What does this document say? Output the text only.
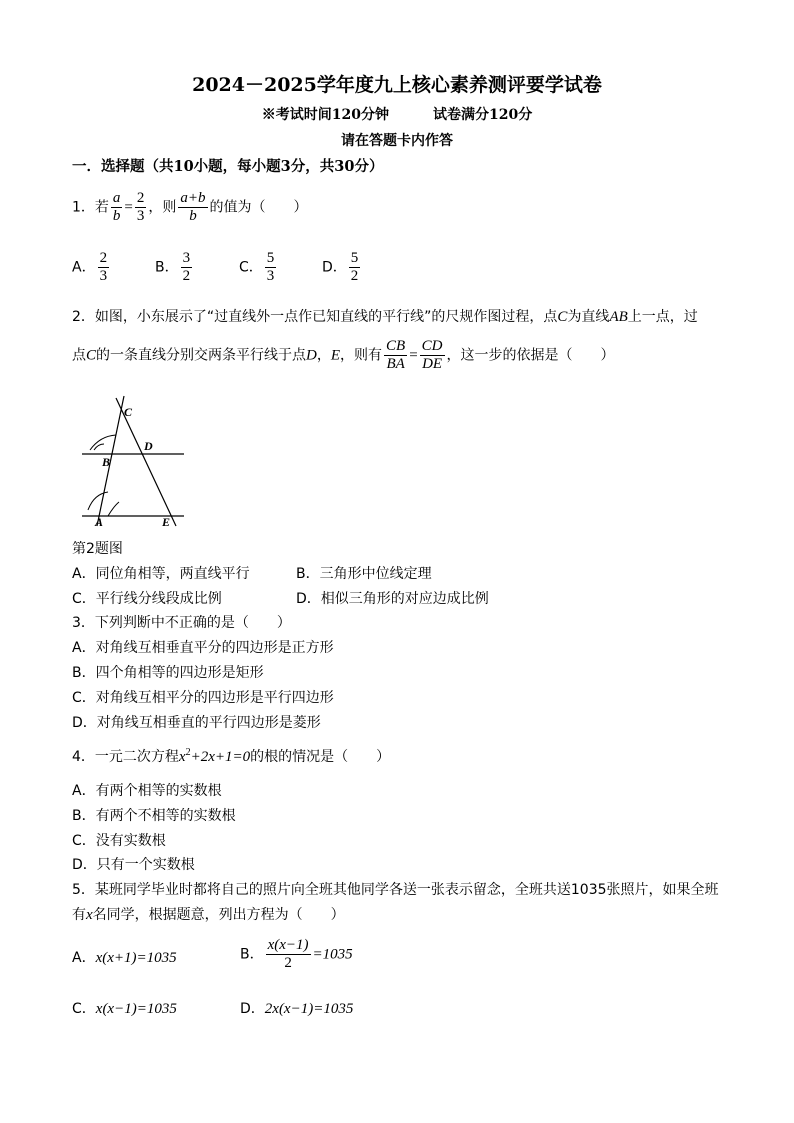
2024－2025学年度九上核心素养测评要学试卷
※考试时间120分钟	试卷满分120分
请在答题卡内作答
一．选择题（共10小题，每小题3分，共30分）
1．若 $\frac{a}{b} = \frac{2}{3}$ ，则 $\frac{a+b}{b}$ 的值为（　　）
A． $\frac{2}{3}$	B． $\frac{3}{2}$	C． $\frac{5}{3}$	D． $\frac{5}{2}$
2．如图，小东展示了“过直线外一点作已知直线的平行线”的尺规作图过程，点C为直线AB上一点，过
点C的一条直线分别交两条平行线于点D，E，则有 $\frac{CB}{BA} = \frac{CD}{DE}$ ，这一步的依据是（　　）
C
D
B
A	E
第2题图
A．同位角相等，两直线平行	B．三角形中位线定理
C．平行线分线段成比例	D．相似三角形的对应边成比例
3．下列判断中不正确的是（　　）
A．对角线互相垂直平分的四边形是正方形
B．四个角相等的四边形是矩形
C．对角线互相平分的四边形是平行四边形
D．对角线互相垂直的平行四边形是菱形
4．一元二次方程$x^2+2x+1=0$的根的情况是（　　）
A．有两个相等的实数根
B．有两个不相等的实数根
C．没有实数根
D．只有一个实数根
5．某班同学毕业时都将自己的照片向全班其他同学各送一张表示留念，全班共送1035张照片，如果全班
有x名同学，根据题意，列出方程为（　　）
A．x(x+1)=1035	B． $\frac{x(x-1)}{2} =1035$
C．x(x−1)=1035	D．2x(x−1)=1035
